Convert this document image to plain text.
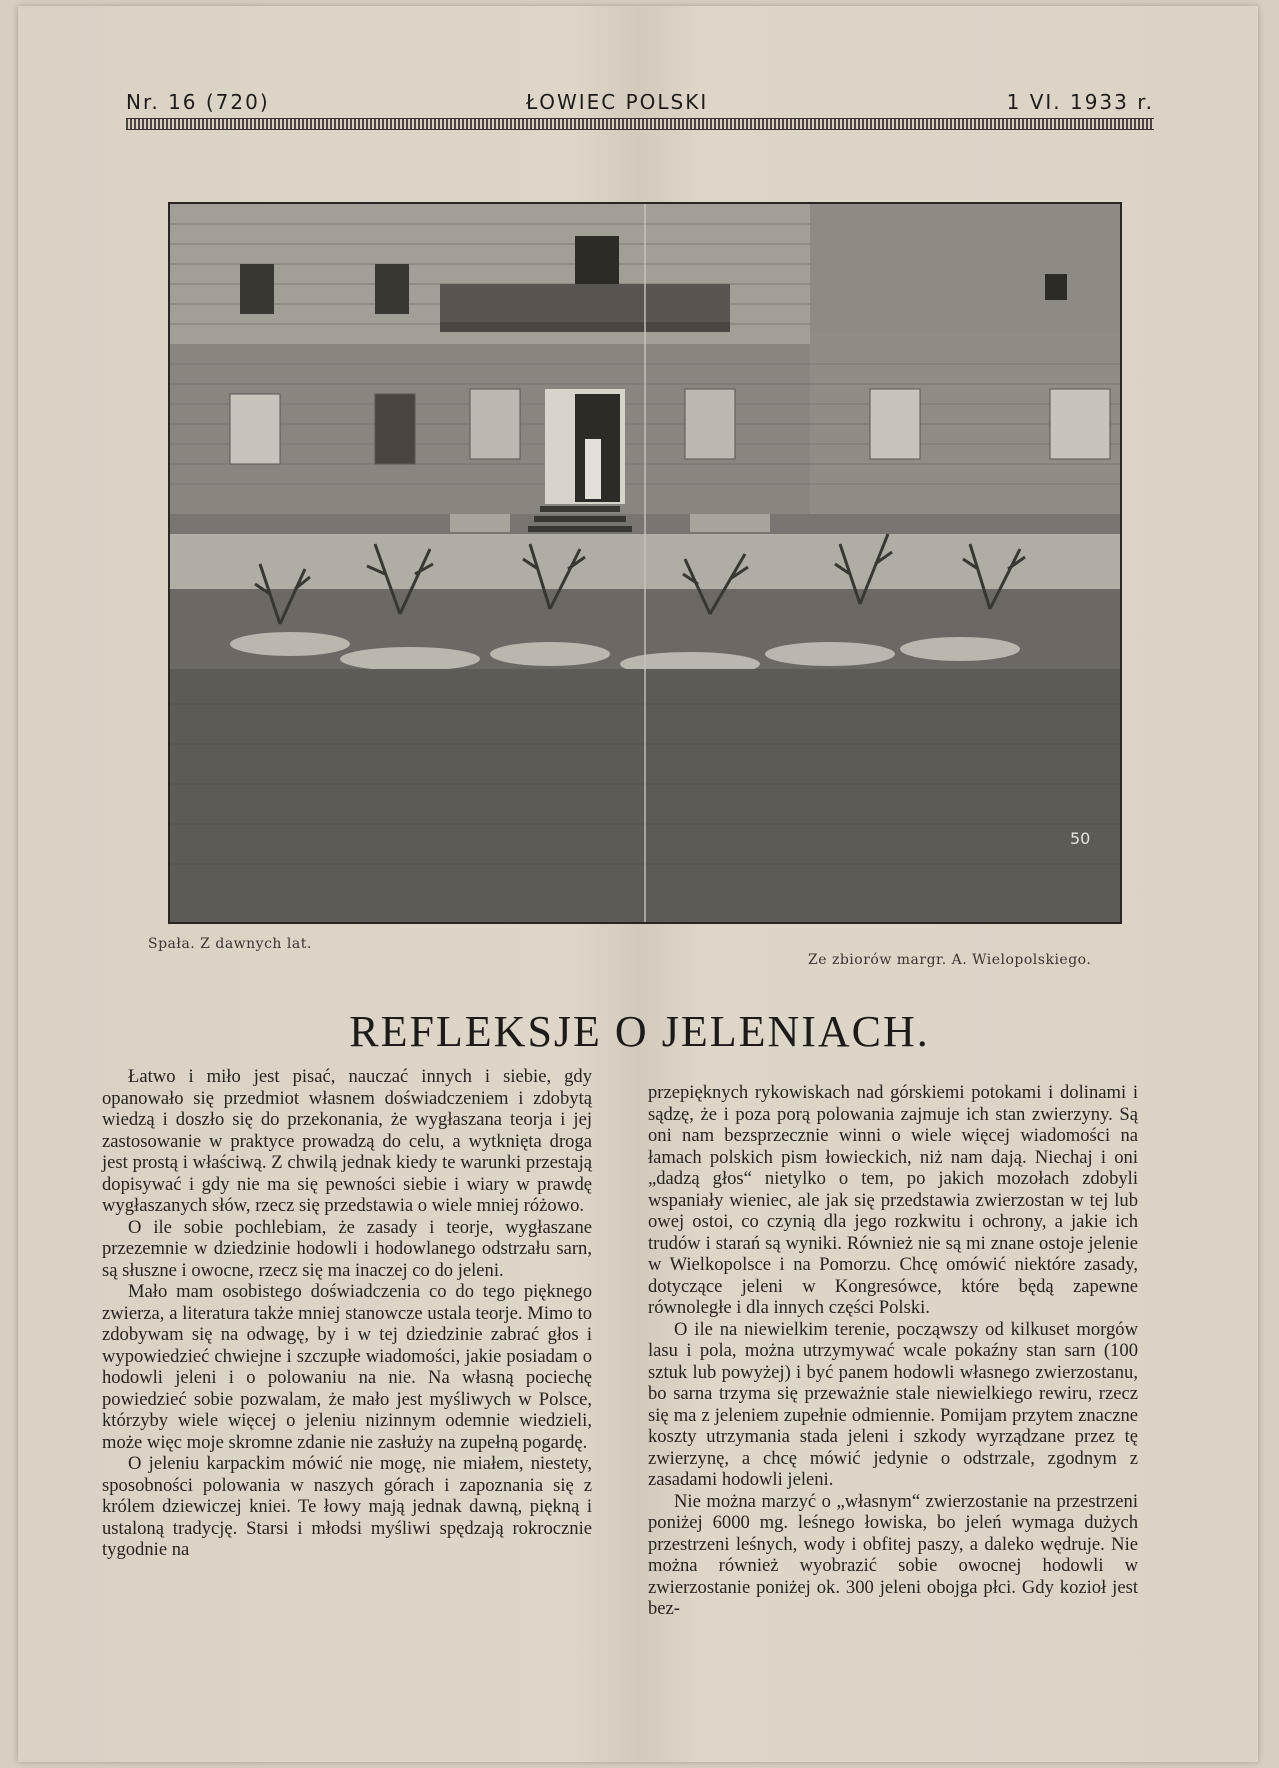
Nr. 16 (720)	ŁOWIEC POLSKI	1 VI. 1933 r.
50
Spała. Z dawnych lat.
Ze zbiorów margr. A. Wielopolskiego.
REFLEKSJE O JELENIACH.

Łatwo i miło jest pisać, nauczać innych i siebie, gdy opanowało się przedmiot własnem doświadczeniem i zdobytą wiedzą i doszło się do przekonania, że wygłaszana teorja i jej zastosowanie w praktyce prowadzą do celu, a wytknięta droga jest prostą i właściwą. Z chwilą jednak kiedy te warunki przestają dopisywać i gdy nie ma się pewności siebie i wiary w prawdę wygłaszanych słów, rzecz się przedstawia o wiele mniej różowo.

O ile sobie pochlebiam, że zasady i teorje, wygłaszane przezemnie w dziedzinie hodowli i hodowlanego odstrzału sarn, są słuszne i owocne, rzecz się ma inaczej co do jeleni.

Mało mam osobistego doświadczenia co do tego pięknego zwierza, a literatura także mniej stanowcze ustala teorje. Mimo to zdobywam się na odwagę, by i w tej dziedzinie zabrać głos i wypowiedzieć chwiejne i szczupłe wiadomości, jakie posiadam o hodowli jeleni i o polowaniu na nie. Na własną pociechę powiedzieć sobie pozwalam, że mało jest myśliwych w Polsce, którzyby wiele więcej o jeleniu nizinnym odemnie wiedzieli, może więc moje skromne zdanie nie zasłuży na zupełną pogardę.

O jeleniu karpackim mówić nie mogę, nie miałem, niestety, sposobności polowania w naszych górach i zapoznania się z królem dziewiczej kniei. Te łowy mają jednak dawną, piękną i ustaloną tradycję. Starsi i młodsi myśliwi spędzają rokrocznie tygodnie na

przepięknych rykowiskach nad górskiemi potokami i dolinami i sądzę, że i poza porą polowania zajmuje ich stan zwierzyny. Są oni nam bezsprzecznie winni o wiele więcej wiadomości na łamach polskich pism łowieckich, niż nam dają. Niechaj i oni „dadzą głos“ nietylko o tem, po jakich mozołach zdobyli wspaniały wieniec, ale jak się przedstawia zwierzostan w tej lub owej ostoi, co czynią dla jego rozkwitu i ochrony, a jakie ich trudów i starań są wyniki. Również nie są mi znane ostoje jelenie w Wielkopolsce i na Pomorzu. Chcę omówić niektóre zasady, dotyczące jeleni w Kongresówce, które będą zapewne równoległe i dla innych części Polski.

O ile na niewielkim terenie, począwszy od kilkuset morgów lasu i pola, można utrzymywać wcale pokaźny stan sarn (100 sztuk lub powyżej) i być panem hodowli własnego zwierzostanu, bo sarna trzyma się przeważnie stale niewielkiego rewiru, rzecz się ma z jeleniem zupełnie odmiennie. Pomijam przytem znaczne koszty utrzymania stada jeleni i szkody wyrządzane przez tę zwierzynę, a chcę mówić jedynie o odstrzale, zgodnym z zasadami hodowli jeleni.

Nie można marzyć o „własnym“ zwierzostanie na przestrzeni poniżej 6000 mg. leśnego łowiska, bo jeleń wymaga dużych przestrzeni leśnych, wody i obfitej paszy, a daleko wędruje. Nie można również wyobrazić sobie owocnej hodowli w zwierzostanie poniżej ok. 300 jeleni obojga płci. Gdy kozioł jest bez-
